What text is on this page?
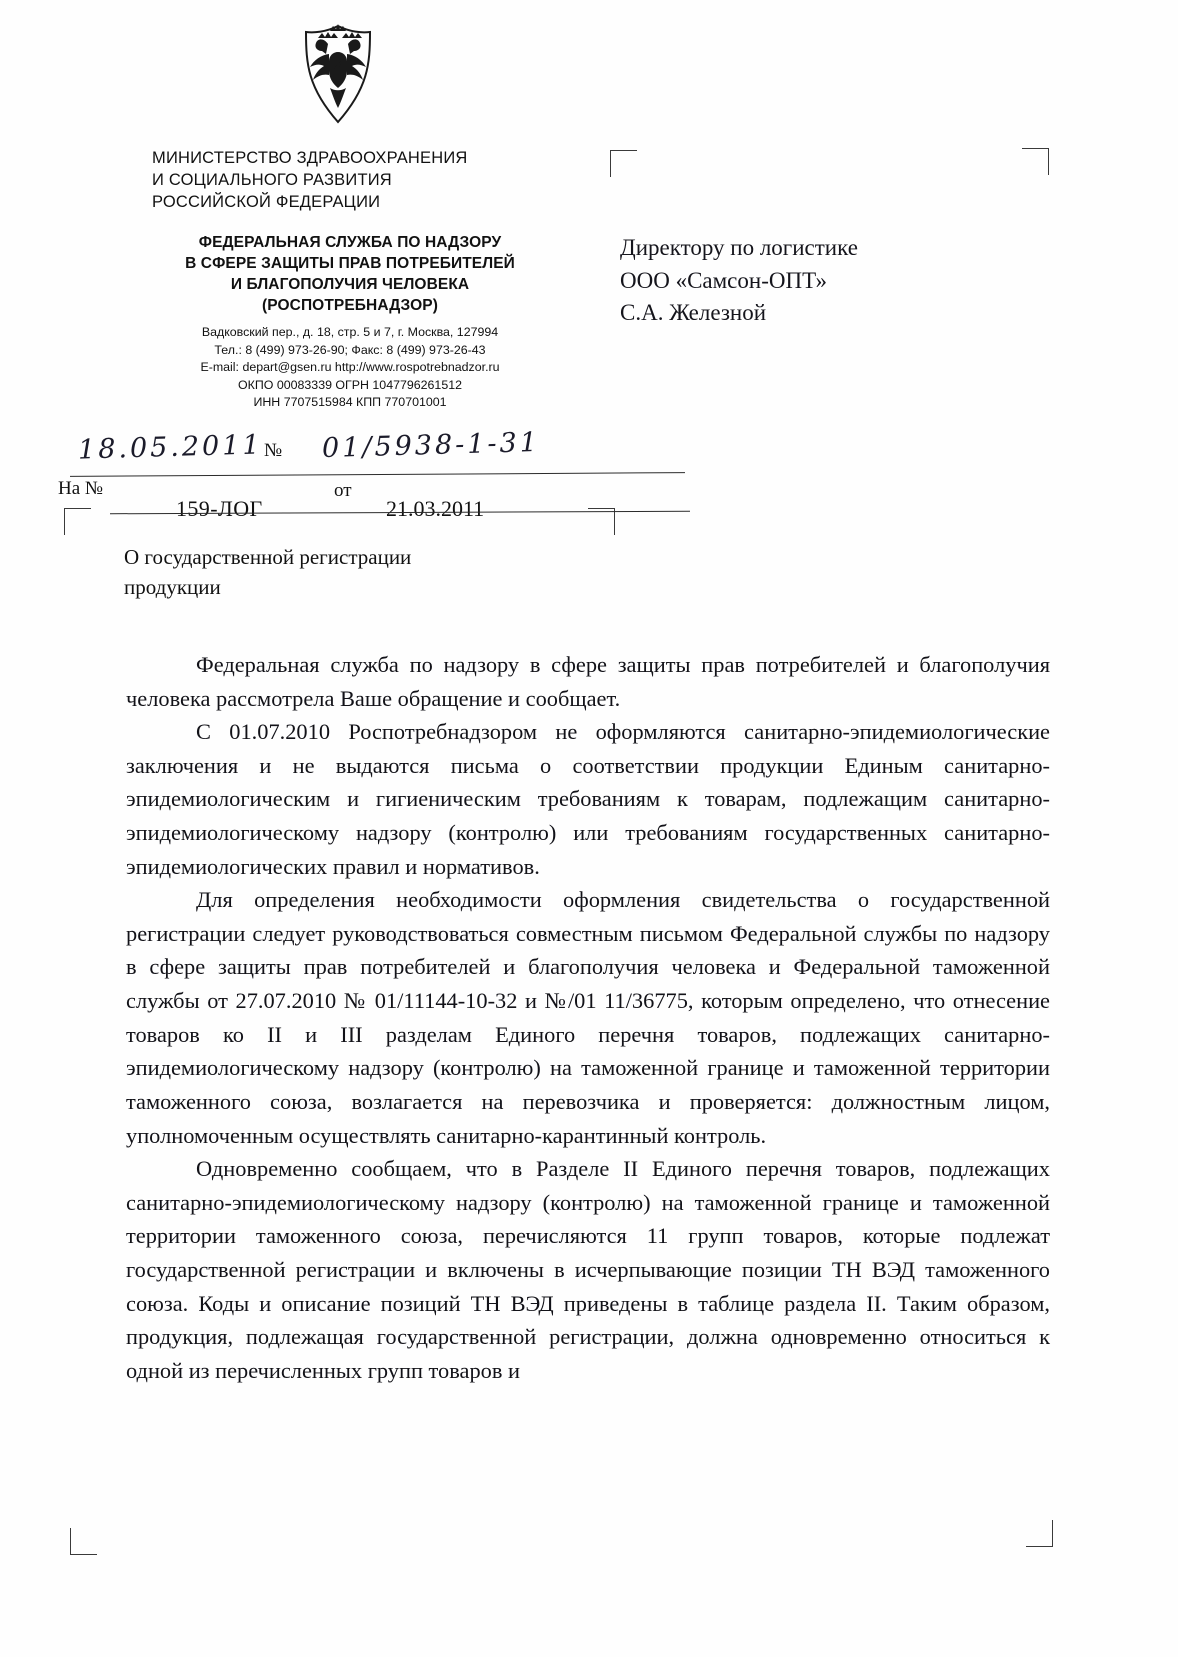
МИНИСТЕРСТВО ЗДРАВООХРАНЕНИЯ
И СОЦИАЛЬНОГО РАЗВИТИЯ
РОССИЙСКОЙ ФЕДЕРАЦИИ
ФЕДЕРАЛЬНАЯ СЛУЖБА ПО НАДЗОРУ
В СФЕРЕ ЗАЩИТЫ ПРАВ ПОТРЕБИТЕЛЕЙ
И БЛАГОПОЛУЧИЯ ЧЕЛОВЕКА
(РОСПОТРЕБНАДЗОР)
Вадковский пер., д. 18, стр. 5 и 7, г. Москва, 127994
Тел.: 8 (499) 973-26-90; Факс: 8 (499) 973-26-43
E-mail: depart@gsen.ru http://www.rospotrebnadzor.ru
ОКПО 00083339 ОГРН 1047796261512
ИНН 7707515984 КПП 770701001
Директору по логистике
ООО «Самсон-ОПТ»
С.А. Железной
18.05.2011 № 01/5938-1-31
На №
159-ЛОГ
от
21.03.2011
О государственной регистрации
продукции

Федеральная служба по надзору в сфере защиты прав потребителей и благополучия человека рассмотрела Ваше обращение и сообщает.

С 01.07.2010 Роспотребнадзором не оформляются санитарно-эпидемиологические заключения и не выдаются письма о соответствии продукции Единым санитарно-эпидемиологическим и гигиеническим требованиям к товарам, подлежащим санитарно-эпидемиологическому надзору (контролю) или требованиям государственных санитарно-эпидемиологических правил и нормативов.

Для определения необходимости оформления свидетельства о государственной регистрации следует руководствоваться совместным письмом Федеральной службы по надзору в сфере защиты прав потребителей и благополучия человека и Федеральной таможенной службы от 27.07.2010 № 01/11144-10-32 и №/01 11/36775, которым определено, что отнесение товаров ко II и III разделам Единого перечня товаров, подлежащих санитарно-эпидемиологическому надзору (контролю) на таможенной границе и таможенной территории таможенного союза, возлагается на перевозчика и проверяется: должностным лицом, уполномоченным осуществлять санитарно-карантинный контроль.

Одновременно сообщаем, что в Разделе II Единого перечня товаров, подлежащих санитарно-эпидемиологическому надзору (контролю) на таможенной границе и таможенной территории таможенного союза, перечисляются 11 групп товаров, которые подлежат государственной регистрации и включены в исчерпывающие позиции ТН ВЭД таможенного союза. Коды и описание позиций ТН ВЭД приведены в таблице раздела II. Таким образом, продукция, подлежащая государственной регистрации, должна одновременно относиться к одной из перечисленных групп товаров и
